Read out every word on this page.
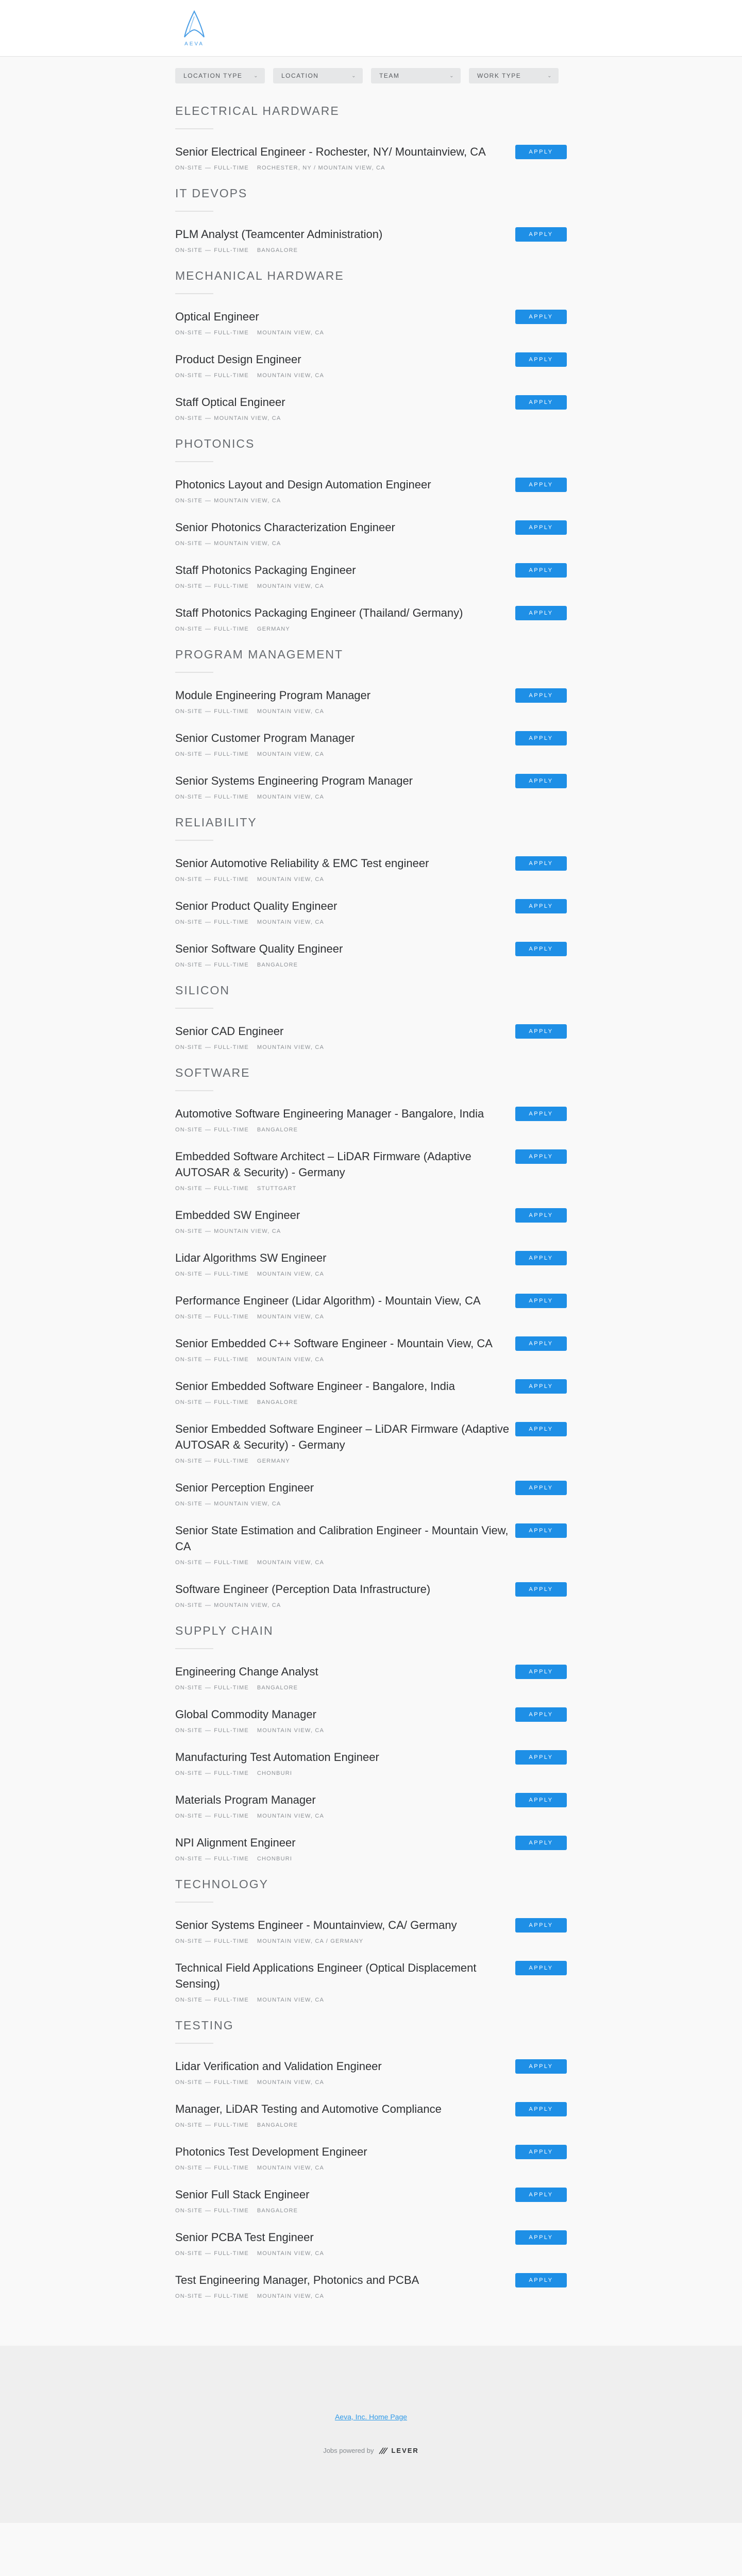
AEVA
LOCATION TYPE ⌄	LOCATION	⌄	TEAM	⌄	WORK TYPE	⌄
ELECTRICAL HARDWARE
Senior Electrical Engineer - Rochester, NY/ Mountainview, CA
ON-SITE — FULL-TIME ROCHESTER, NY / MOUNTAIN VIEW, CA
APPLY
IT DEVOPS
PLM Analyst (Teamcenter Administration)
ON-SITE — FULL-TIME BANGALORE
APPLY
MECHANICAL HARDWARE
Optical Engineer
ON-SITE — FULL-TIME MOUNTAIN VIEW, CA
APPLY
Product Design Engineer
ON-SITE — FULL-TIME MOUNTAIN VIEW, CA
APPLY
Staff Optical Engineer
ON-SITE — MOUNTAIN VIEW, CA
APPLY
PHOTONICS
Photonics Layout and Design Automation Engineer
ON-SITE — MOUNTAIN VIEW, CA
APPLY
Senior Photonics Characterization Engineer
ON-SITE — MOUNTAIN VIEW, CA
APPLY
Staff Photonics Packaging Engineer
ON-SITE — FULL-TIME MOUNTAIN VIEW, CA
APPLY
Staff Photonics Packaging Engineer (Thailand/ Germany)
ON-SITE — FULL-TIME GERMANY
APPLY
PROGRAM MANAGEMENT
Module Engineering Program Manager
ON-SITE — FULL-TIME MOUNTAIN VIEW, CA
APPLY
Senior Customer Program Manager
ON-SITE — FULL-TIME MOUNTAIN VIEW, CA
APPLY
Senior Systems Engineering Program Manager
ON-SITE — FULL-TIME MOUNTAIN VIEW, CA
APPLY
RELIABILITY
Senior Automotive Reliability & EMC Test engineer
ON-SITE — FULL-TIME MOUNTAIN VIEW, CA
APPLY
Senior Product Quality Engineer
ON-SITE — FULL-TIME MOUNTAIN VIEW, CA
APPLY
Senior Software Quality Engineer
ON-SITE — FULL-TIME BANGALORE
APPLY
SILICON
Senior CAD Engineer
ON-SITE — FULL-TIME MOUNTAIN VIEW, CA
APPLY
SOFTWARE
Automotive Software Engineering Manager - Bangalore, India
ON-SITE — FULL-TIME BANGALORE
APPLY
Embedded Software Architect – LiDAR Firmware (Adaptive AUTOSAR & Security) - Germany
ON-SITE — FULL-TIME STUTTGART
APPLY
Embedded SW Engineer
ON-SITE — MOUNTAIN VIEW, CA
APPLY
Lidar Algorithms SW Engineer
ON-SITE — FULL-TIME MOUNTAIN VIEW, CA
APPLY
Performance Engineer (Lidar Algorithm) - Mountain View, CA
ON-SITE — FULL-TIME MOUNTAIN VIEW, CA
APPLY
Senior Embedded C++ Software Engineer - Mountain View, CA
ON-SITE — FULL-TIME MOUNTAIN VIEW, CA
APPLY
Senior Embedded Software Engineer - Bangalore, India
ON-SITE — FULL-TIME BANGALORE
APPLY
Senior Embedded Software Engineer – LiDAR Firmware (Adaptive AUTOSAR & Security) - Germany
ON-SITE — FULL-TIME GERMANY
APPLY
Senior Perception Engineer
ON-SITE — MOUNTAIN VIEW, CA
APPLY
Senior State Estimation and Calibration Engineer - Mountain View, CA
ON-SITE — FULL-TIME MOUNTAIN VIEW, CA
APPLY
Software Engineer (Perception Data Infrastructure)
ON-SITE — MOUNTAIN VIEW, CA
APPLY
SUPPLY CHAIN
Engineering Change Analyst
ON-SITE — FULL-TIME BANGALORE
APPLY
Global Commodity Manager
ON-SITE — FULL-TIME MOUNTAIN VIEW, CA
APPLY
Manufacturing Test Automation Engineer
ON-SITE — FULL-TIME CHONBURI
APPLY
Materials Program Manager
ON-SITE — FULL-TIME MOUNTAIN VIEW, CA
APPLY
NPI Alignment Engineer
ON-SITE — FULL-TIME CHONBURI
APPLY
TECHNOLOGY
Senior Systems Engineer - Mountainview, CA/ Germany
ON-SITE — FULL-TIME MOUNTAIN VIEW, CA / GERMANY
APPLY
Technical Field Applications Engineer (Optical Displacement Sensing)
ON-SITE — FULL-TIME MOUNTAIN VIEW, CA
APPLY
TESTING
Lidar Verification and Validation Engineer
ON-SITE — FULL-TIME MOUNTAIN VIEW, CA
APPLY
Manager, LiDAR Testing and Automotive Compliance
ON-SITE — FULL-TIME BANGALORE
APPLY
Photonics Test Development Engineer
ON-SITE — FULL-TIME MOUNTAIN VIEW, CA
APPLY
Senior Full Stack Engineer
ON-SITE — FULL-TIME BANGALORE
APPLY
Senior PCBA Test Engineer
ON-SITE — FULL-TIME MOUNTAIN VIEW, CA
APPLY
Test Engineering Manager, Photonics and PCBA
ON-SITE — FULL-TIME MOUNTAIN VIEW, CA
APPLY
Aeva, Inc. Home Page
Jobs powered by	LEVER
